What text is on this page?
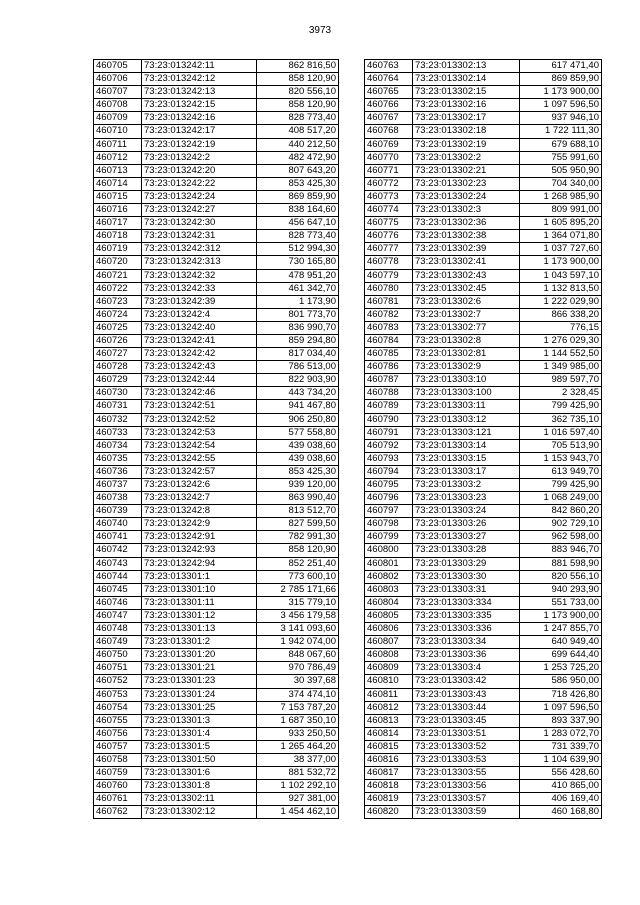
3973
460705	73:23:013242:11	862 816,50
460706	73:23:013242:12	858 120,90
460707	73:23:013242:13	820 556,10
460708	73:23:013242:15	858 120,90
460709	73:23:013242:16	828 773,40
460710	73:23:013242:17	408 517,20
460711	73:23:013242:19	440 212,50
460712	73:23:013242:2	482 472,90
460713	73:23:013242:20	807 643,20
460714	73:23:013242:22	853 425,30
460715	73:23:013242:24	869 859,90
460716	73:23:013242:27	838 164,60
460717	73:23:013242:30	456 647,10
460718	73:23:013242:31	828 773,40
460719	73:23:013242:312	512 994,30
460720	73:23:013242:313	730 165,80
460721	73:23:013242:32	478 951,20
460722	73:23:013242:33	461 342,70
460723	73:23:013242:39	1 173,90
460724	73:23:013242:4	801 773,70
460725	73:23:013242:40	836 990,70
460726	73:23:013242:41	859 294,80
460727	73:23:013242:42	817 034,40
460728	73:23:013242:43	786 513,00
460729	73:23:013242:44	822 903,90
460730	73:23:013242:46	443 734,20
460731	73:23:013242:51	941 467,80
460732	73:23:013242:52	906 250,80
460733	73:23:013242:53	577 558,80
460734	73:23:013242:54	439 038,60
460735	73:23:013242:55	439 038,60
460736	73:23:013242:57	853 425,30
460737	73:23:013242:6	939 120,00
460738	73:23:013242:7	863 990,40
460739	73:23:013242:8	813 512,70
460740	73:23:013242:9	827 599,50
460741	73:23:013242:91	782 991,30
460742	73:23:013242:93	858 120,90
460743	73:23:013242:94	852 251,40
460744	73:23:013301:1	773 600,10
460745	73:23:013301:10	2 785 171,66
460746	73:23:013301:11	315 779,10
460747	73:23:013301:12	3 456 179,58
460748	73:23:013301:13	3 141 093,60
460749	73:23:013301:2	1 942 074,00
460750	73:23:013301:20	848 067,60
460751	73:23:013301:21	970 786,49
460752	73:23:013301:23	30 397,68
460753	73:23:013301:24	374 474,10
460754	73:23:013301:25	7 153 787,20
460755	73:23:013301:3	1 687 350,10
460756	73:23:013301:4	933 250,50
460757	73:23:013301:5	1 265 464,20
460758	73:23:013301:50	38 377,00
460759	73:23:013301:6	881 532,72
460760	73:23:013301:8	1 102 292,10
460761	73:23:013302:11	927 381,00
460762	73:23:013302:12	1 454 462,10
460763	73:23:013302:13	617 471,40
460764	73:23:013302:14	869 859,90
460765	73:23:013302:15	1 173 900,00
460766	73:23:013302:16	1 097 596,50
460767	73:23:013302:17	937 946,10
460768	73:23:013302:18	1 722 111,30
460769	73:23:013302:19	679 688,10
460770	73:23:013302:2	755 991,60
460771	73:23:013302:21	505 950,90
460772	73:23:013302:23	704 340,00
460773	73:23:013302:24	1 268 985,90
460774	73:23:013302:3	809 991,00
460775	73:23:013302:36	1 605 895,20
460776	73:23:013302:38	1 364 071,80
460777	73:23:013302:39	1 037 727,60
460778	73:23:013302:41	1 173 900,00
460779	73:23:013302:43	1 043 597,10
460780	73:23:013302:45	1 132 813,50
460781	73:23:013302:6	1 222 029,90
460782	73:23:013302:7	866 338,20
460783	73:23:013302:77	776,15
460784	73:23:013302:8	1 276 029,30
460785	73:23:013302:81	1 144 552,50
460786	73:23:013302:9	1 349 985,00
460787	73:23:013303:10	989 597,70
460788	73:23:013303:100	2 328,45
460789	73:23:013303:11	799 425,90
460790	73:23:013303:12	362 735,10
460791	73:23:013303:121	1 016 597,40
460792	73:23:013303:14	705 513,90
460793	73:23:013303:15	1 153 943,70
460794	73:23:013303:17	613 949,70
460795	73:23:013303:2	799 425,90
460796	73:23:013303:23	1 068 249,00
460797	73:23:013303:24	842 860,20
460798	73:23:013303:26	902 729,10
460799	73:23:013303:27	962 598,00
460800	73:23:013303:28	883 946,70
460801	73:23:013303:29	881 598,90
460802	73:23:013303:30	820 556,10
460803	73:23:013303:31	940 293,90
460804	73:23:013303:334	551 733,00
460805	73:23:013303:335	1 173 900,00
460806	73:23:013303:336	1 247 855,70
460807	73:23:013303:34	640 949,40
460808	73:23:013303:36	699 644,40
460809	73:23:013303:4	1 253 725,20
460810	73:23:013303:42	586 950,00
460811	73:23:013303:43	718 426,80
460812	73:23:013303:44	1 097 596,50
460813	73:23:013303:45	893 337,90
460814	73:23:013303:51	1 283 072,70
460815	73:23:013303:52	731 339,70
460816	73:23:013303:53	1 104 639,90
460817	73:23:013303:55	556 428,60
460818	73:23:013303:56	410 865,00
460819	73:23:013303:57	406 169,40
460820	73:23:013303:59	460 168,80
